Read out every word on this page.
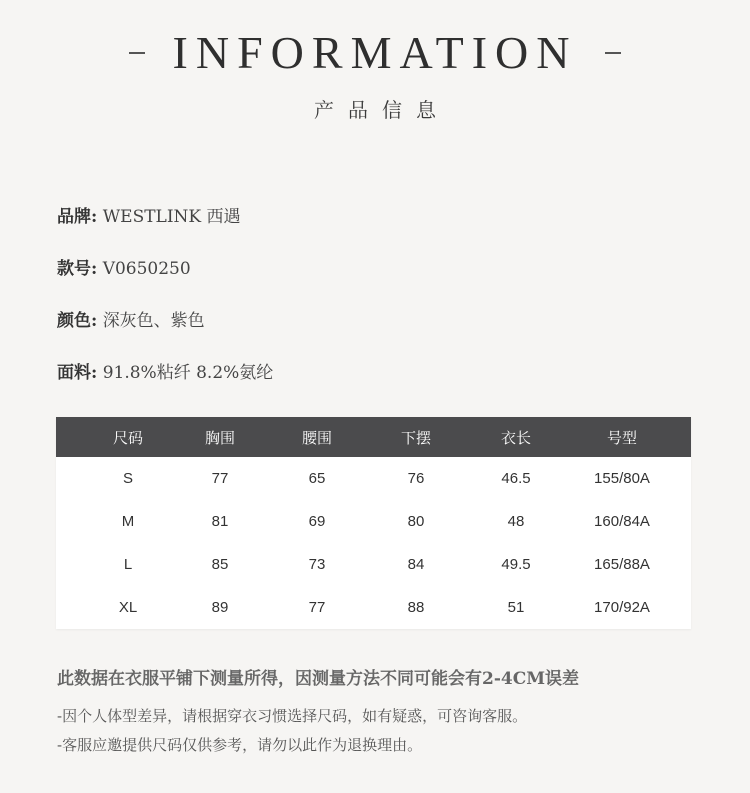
INFORMATION
产品信息
品牌: WESTLINK 西遇
款号: V0650250
颜色: 深灰色、紫色
面料: 91.8%粘纤 8.2%氨纶
尺码	胸围	腰围	下摆	衣长	号型
S	77	65	76	46.5	155/80A
M	81	69	80	48	160/84A
L	85	73	84	49.5	165/88A
XL	89	77	88	51	170/92A
此数据在衣服平铺下测量所得，因测量方法不同可能会有2-4CM误差
-因个人体型差异，请根据穿衣习惯选择尺码，如有疑惑，可咨询客服。
-客服应邀提供尺码仅供参考，请勿以此作为退换理由。
